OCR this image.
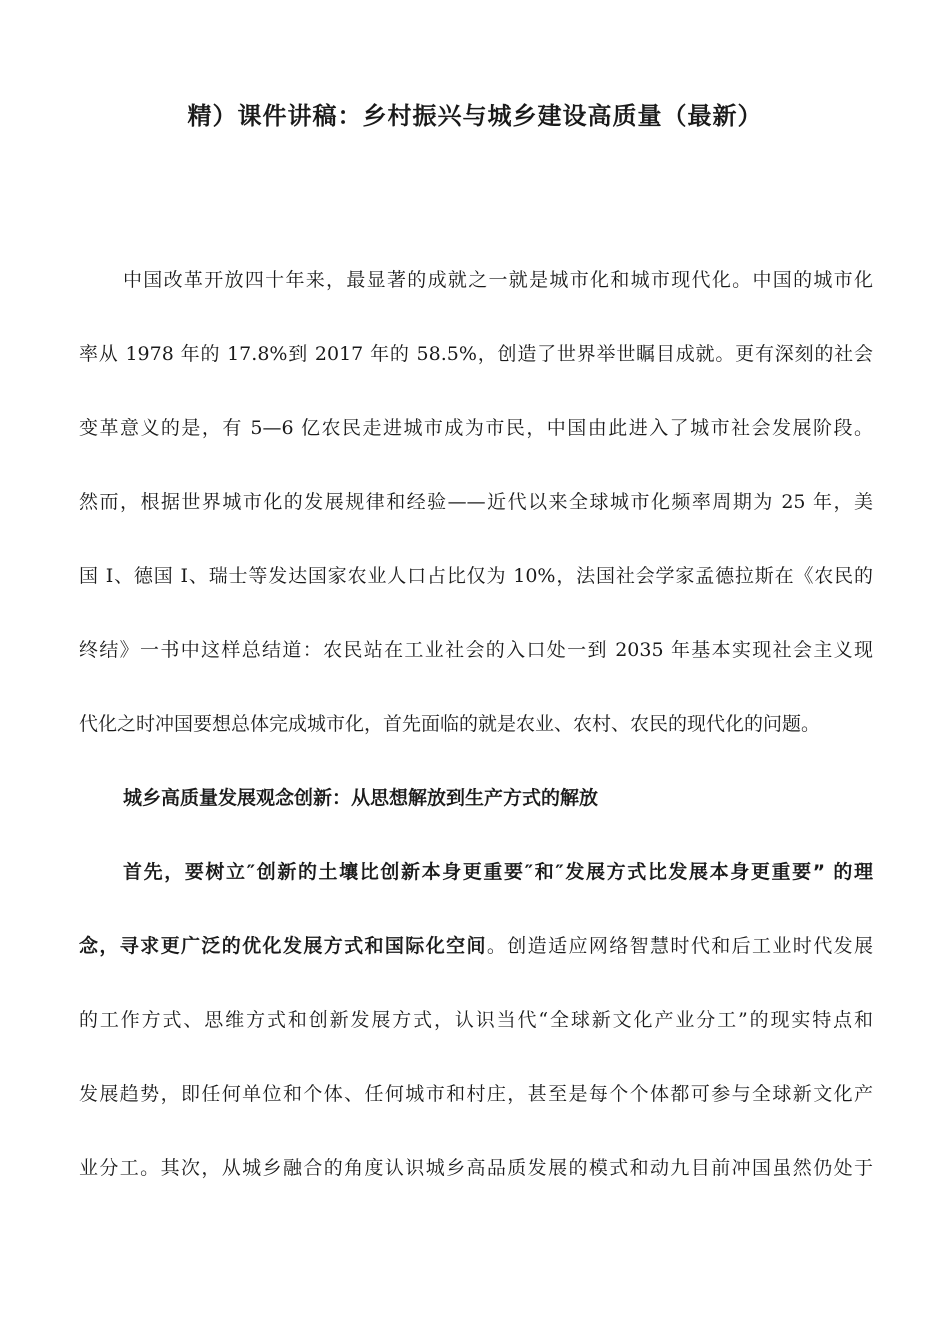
精）课件讲稿：乡村振兴与城乡建设高质量（最新）
中国改革开放四十年来，最显著的成就之一就是城市化和城市现代化。中国的城市化
率从 1978 年的 17.8%到 2017 年的 58.5%，创造了世界举世瞩目成就。更有深刻的社会
变革意义的是，有 5—6 亿农民走进城市成为市民，中国由此进入了城市社会发展阶段。
然而，根据世界城市化的发展规律和经验——近代以来全球城市化频率周期为 25 年，美
国 I、德国 I、瑞士等发达国家农业人口占比仅为 10%，法国社会学家孟德拉斯在《农民的
终结》一书中这样总结道：农民站在工业社会的入口处一到 2035 年基本实现社会主义现
代化之时冲国要想总体完成城市化，首先面临的就是农业、农村、农民的现代化的问题。
城乡高质量发展观念创新：从思想解放到生产方式的解放
首先，要树立″创新的土壤比创新本身更重要″和″发展方式比发展本身更重要” 的理
念，寻求更广泛的优化发展方式和国际化空间。创造适应网络智慧时代和后工业时代发展
的工作方式、思维方式和创新发展方式，认识当代“全球新文化产业分工”的现实特点和
发展趋势，即任何单位和个体、任何城市和村庄，甚至是每个个体都可参与全球新文化产
业分工。其次，从城乡融合的角度认识城乡高品质发展的模式和动九目前冲国虽然仍处于
